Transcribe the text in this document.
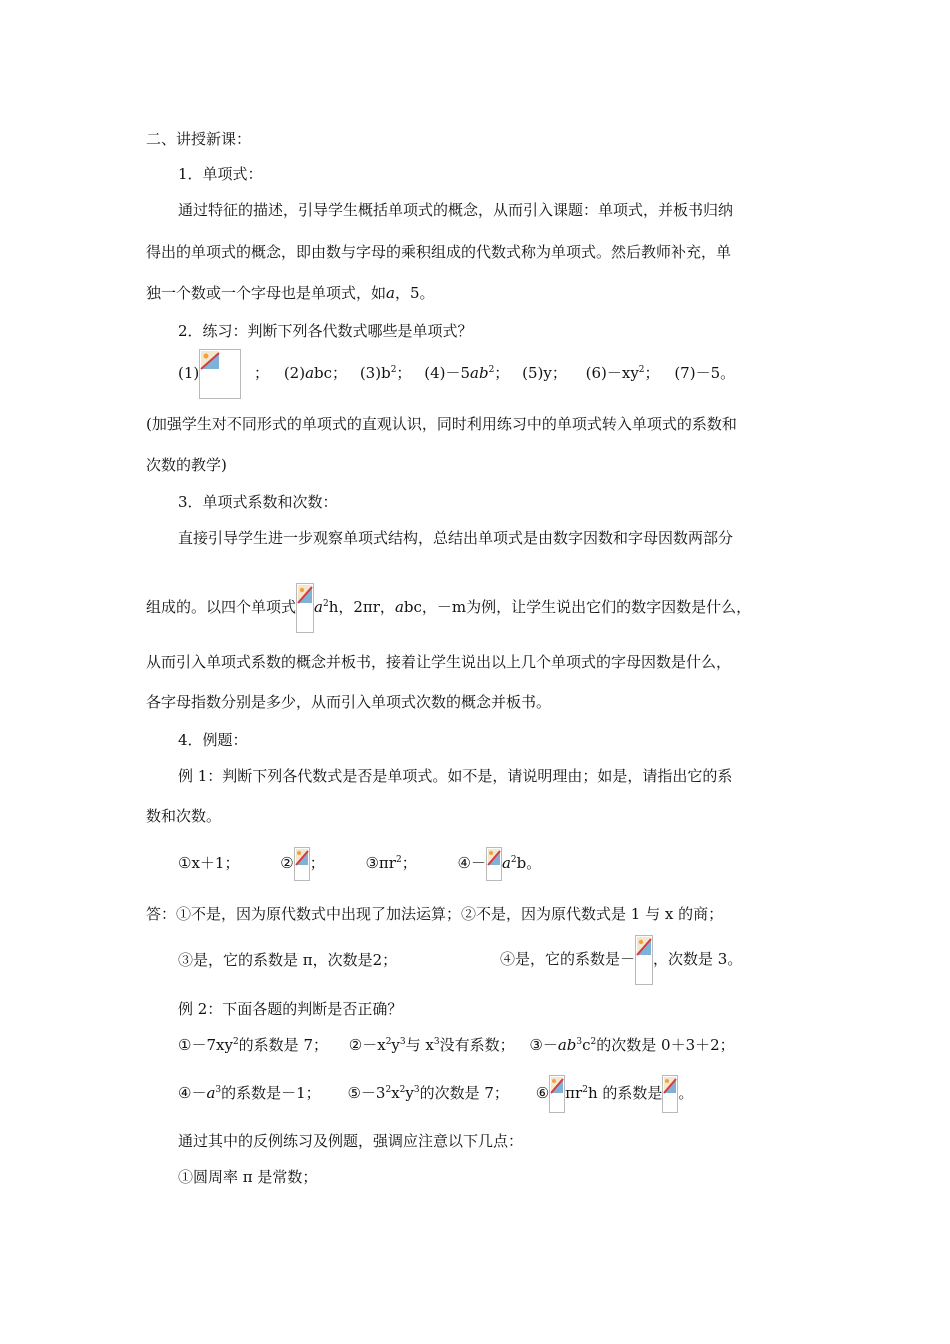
二、讲授新课：
1．单项式：
通过特征的描述，引导学生概括单项式的概念，从而引入课题：单项式，并板书归纳
得出的单项式的概念，即由数与字母的乘积组成的代数式称为单项式。然后教师补充，单
独一个数或一个字母也是单项式，如a，5。
2．练习：判断下列各代数式哪些是单项式？
(1)	； (2)abc； $(3)b^2$； $(4)-5ab^2$； (5)y； $(6)-xy^2$； (7)－5。
(加强学生对不同形式的单项式的直观认识，同时利用练习中的单项式转入单项式的系数和
次数的教学)
3．单项式系数和次数：
直接引导学生进一步观察单项式结构，总结出单项式是由数字因数和字母因数两部分
组成的。以四个单项式 $a^2h$，2πr，abc，－m为例，让学生说出它们的数字因数是什么，
从而引入单项式系数的概念并板书，接着让学生说出以上几个单项式的字母因数是什么，
各字母指数分别是多少，从而引入单项式次数的概念并板书。
4．例题：
例 1：判断下列各代数式是否是单项式。如不是，请说明理由；如是，请指出它的系
数和次数。
①x＋1；	② ；	$③\pi r^2$；	④－ $a^2b$。
答：①不是，因为原代数式中出现了加法运算；②不是，因为原代数式是 1 与 x 的商；
③是，它的系数是 π，次数是2；	④是，它的系数是－ ，次数是 3。
例 2：下面各题的判断是否正确？
$①-7xy^2$的系数是 7； $②-x^2y^3$与 $x^3$没有系数； $③-ab^3c^2$的次数是 0＋3＋2；
$④-a^3$的系数是－1； $⑤-3^2x^2y^3$的次数是 7； ⑥ $\pi r^2h$ 的系数是 。
通过其中的反例练习及例题，强调应注意以下几点：
①圆周率 π 是常数；
